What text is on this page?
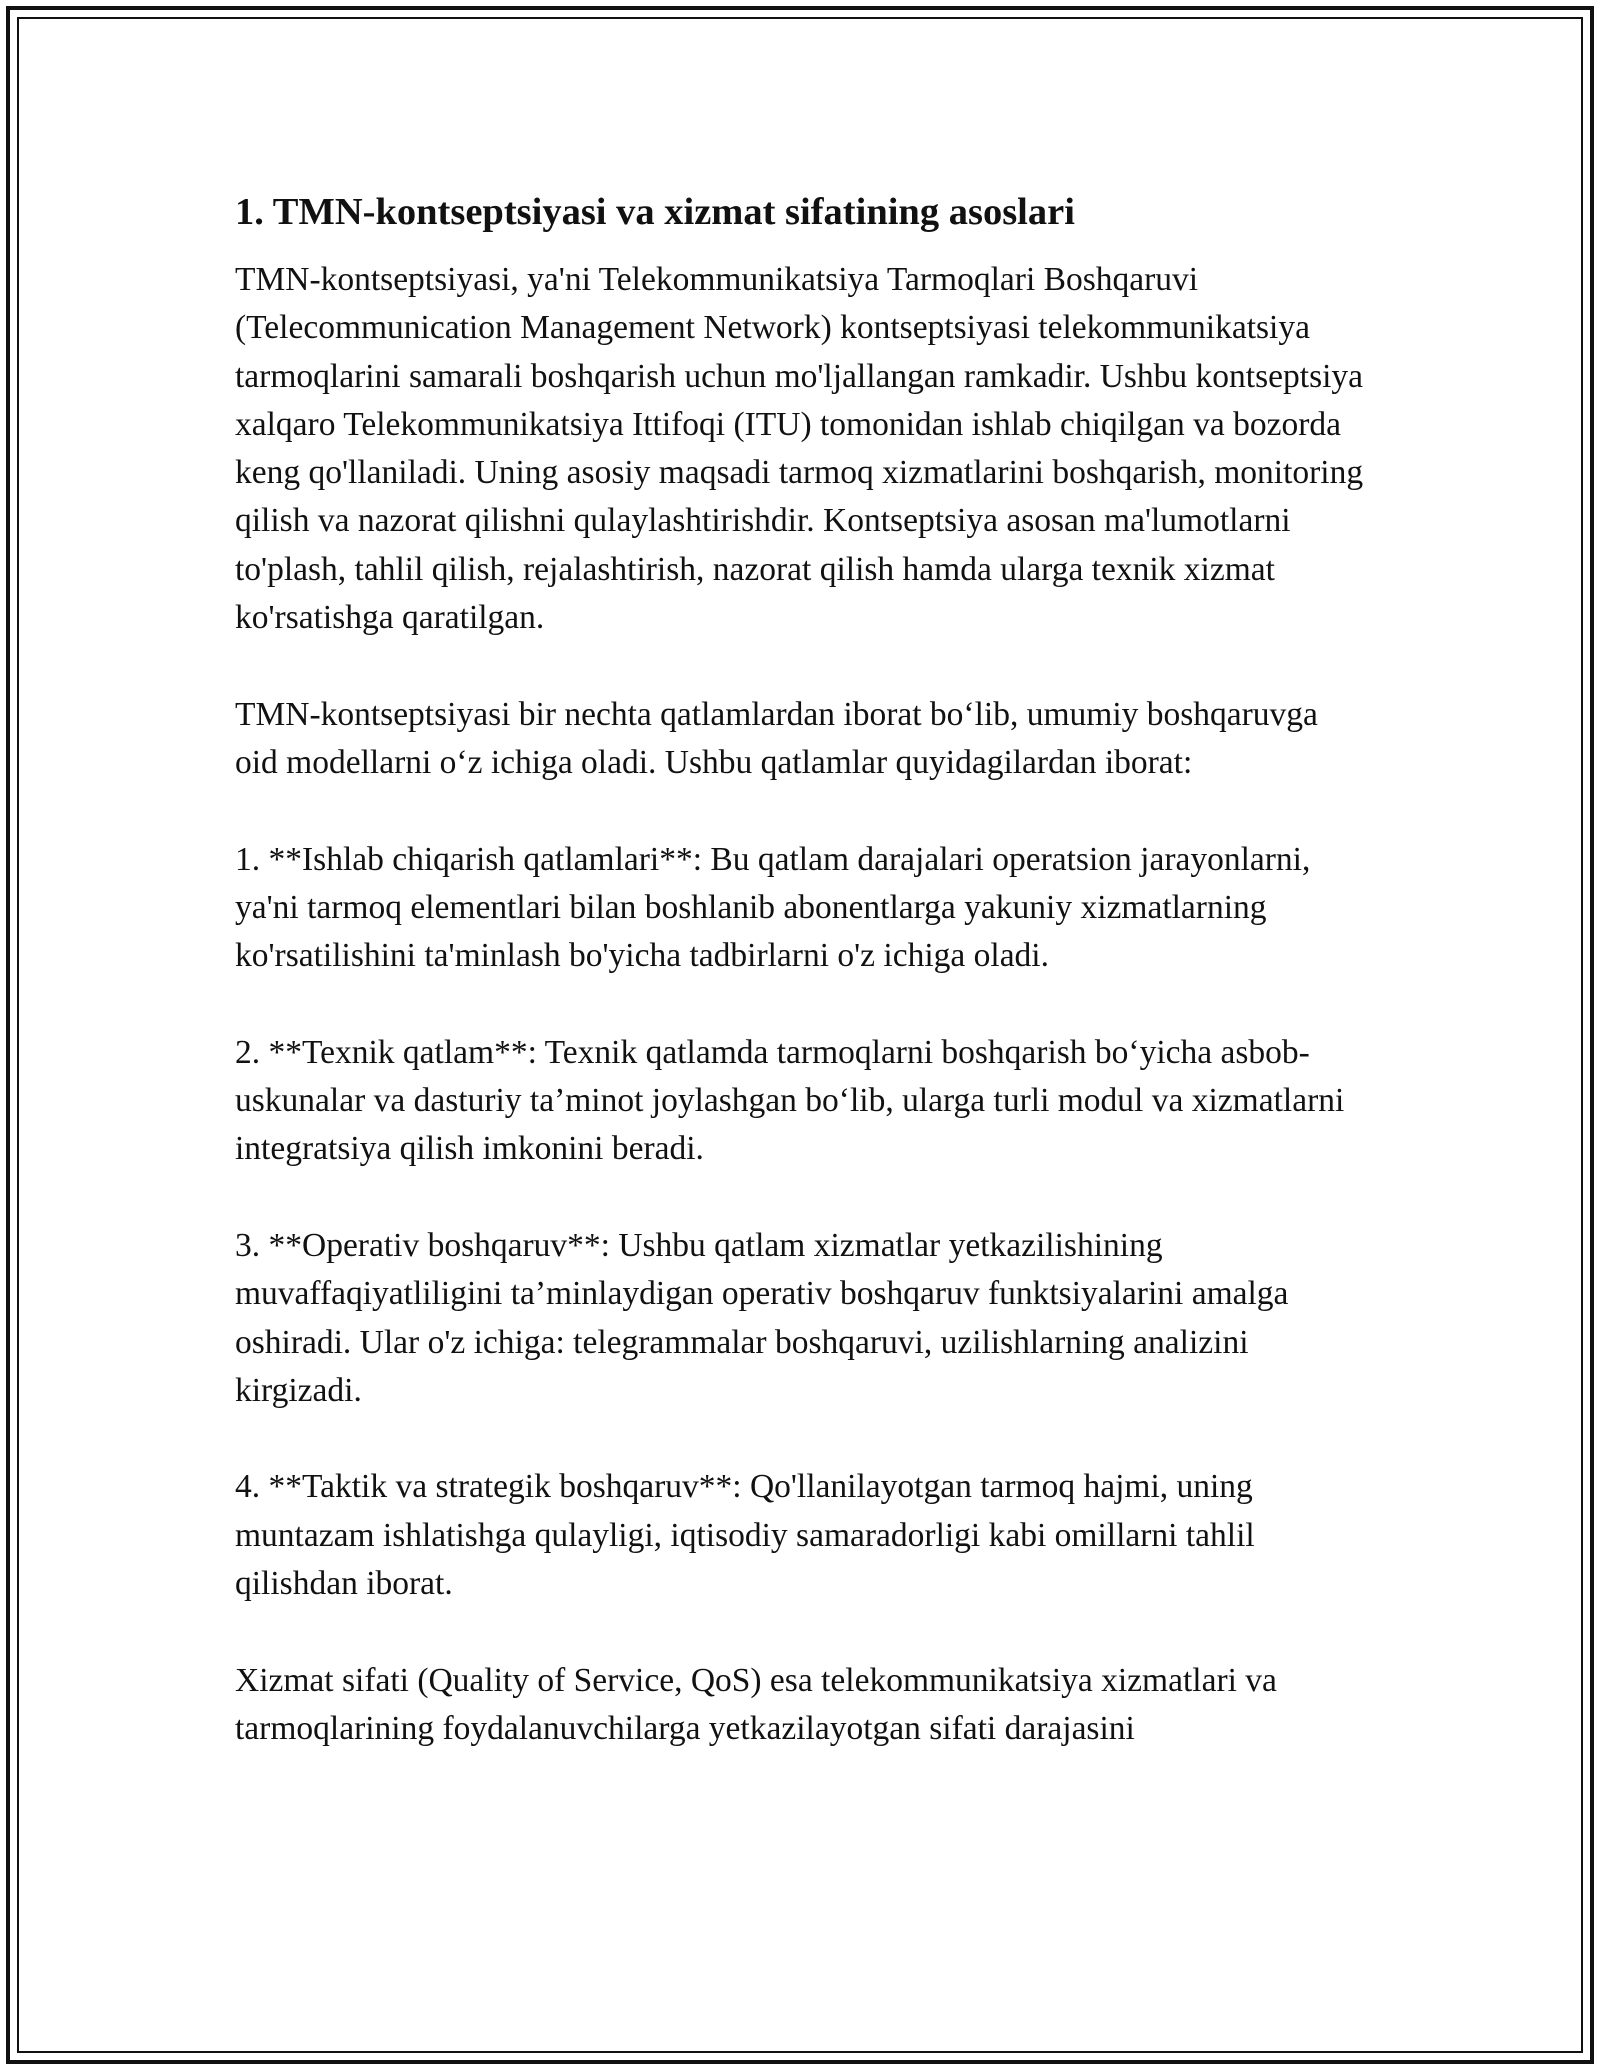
1. TMN-kontseptsiyasi va xizmat sifatining asoslari

TMN-kontseptsiyasi, ya'ni Telekommunikatsiya Tarmoqlari Boshqaruvi (Telecommunication Management Network) kontseptsiyasi telekommunikatsiya tarmoqlarini samarali boshqarish uchun mo'ljallangan ramkadir. Ushbu kontseptsiya xalqaro Telekommunikatsiya Ittifoqi (ITU) tomonidan ishlab chiqilgan va bozorda keng qo'llaniladi. Uning asosiy maqsadi tarmoq xizmatlarini boshqarish, monitoring qilish va nazorat qilishni qulaylashtirishdir. Kontseptsiya asosan ma'lumotlarni to'plash, tahlil qilish, rejalashtirish, nazorat qilish hamda ularga texnik xizmat ko'rsatishga qaratilgan.

TMN-kontseptsiyasi bir nechta qatlamlardan iborat bo‘lib, umumiy boshqaruvga oid modellarni o‘z ichiga oladi. Ushbu qatlamlar quyidagilardan iborat:

1. **Ishlab chiqarish qatlamlari**: Bu qatlam darajalari operatsion jarayonlarni, ya'ni tarmoq elementlari bilan boshlanib abonentlarga yakuniy xizmatlarning ko'rsatilishini ta'minlash bo'yicha tadbirlarni o'z ichiga oladi.

2. **Texnik qatlam**: Texnik qatlamda tarmoqlarni boshqarish bo‘yicha asbob-uskunalar va dasturiy ta’minot joylashgan bo‘lib, ularga turli modul va xizmatlarni integratsiya qilish imkonini beradi.

3. **Operativ boshqaruv**: Ushbu qatlam xizmatlar yetkazilishining muvaffaqiyatliligini ta’minlaydigan operativ boshqaruv funktsiyalarini amalga oshiradi. Ular o'z ichiga: telegrammalar boshqaruvi, uzilishlarning analizini kirgizadi.

4. **Taktik va strategik boshqaruv**: Qo'llanilayotgan tarmoq hajmi, uning muntazam ishlatishga qulayligi, iqtisodiy samaradorligi kabi omillarni tahlil qilishdan iborat.

Xizmat sifati (Quality of Service, QoS) esa telekommunikatsiya xizmatlari va tarmoqlarining foydalanuvchilarga yetkazilayotgan sifati darajasini
